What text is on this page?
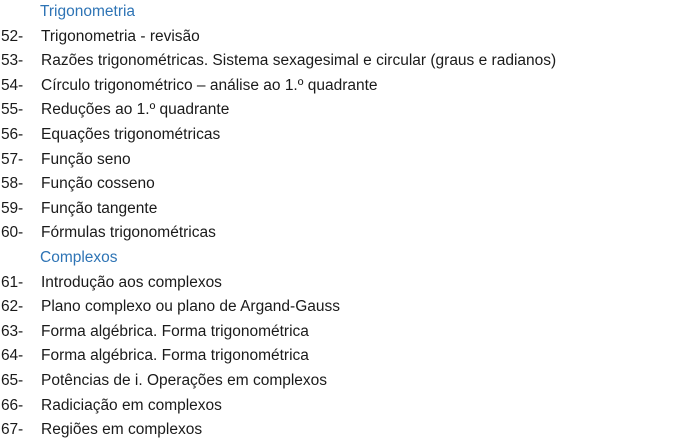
Trigonometria
52-	Trigonometria - revisão
53-	Razões trigonométricas. Sistema sexagesimal e circular (graus e radianos)
54-	Círculo trigonométrico – análise ao 1.º quadrante
55-	Reduções ao 1.º quadrante
56-	Equações trigonométricas
57-	Função seno
58-	Função cosseno
59-	Função tangente
60-	Fórmulas trigonométricas
Complexos
61-	Introdução aos complexos
62-	Plano complexo ou plano de Argand-Gauss
63-	Forma algébrica. Forma trigonométrica
64-	Forma algébrica. Forma trigonométrica
65-	Potências de i. Operações em complexos
66-	Radiciação em complexos
67-	Regiões em complexos
